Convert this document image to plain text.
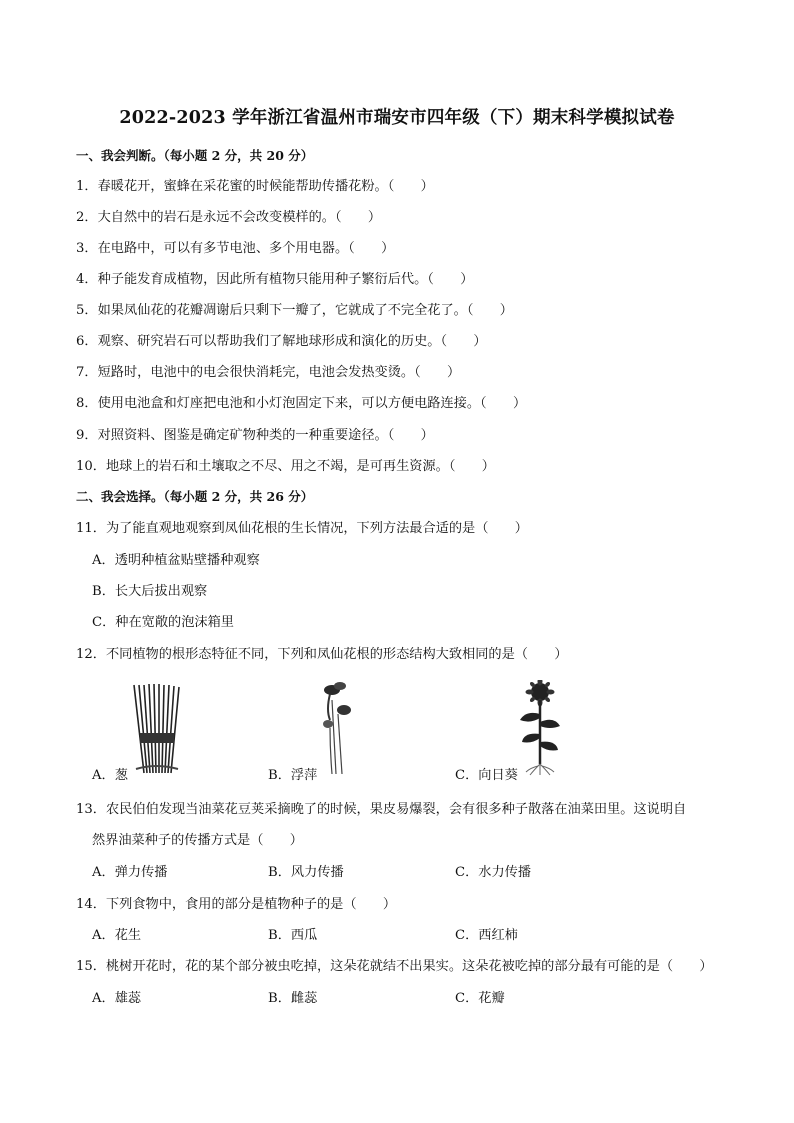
2022-2023 学年浙江省温州市瑞安市四年级（下）期末科学模拟试卷
一、我会判断。（每小题 2 分，共 20 分）
1．春暖花开，蜜蜂在采花蜜的时候能帮助传播花粉。（　　）
2．大自然中的岩石是永远不会改变模样的。（　　）
3．在电路中，可以有多节电池、多个用电器。（　　）
4．种子能发育成植物，因此所有植物只能用种子繁衍后代。（　　）
5．如果凤仙花的花瓣凋谢后只剩下一瓣了，它就成了不完全花了。（　　）
6．观察、研究岩石可以帮助我们了解地球形成和演化的历史。（　　）
7．短路时，电池中的电会很快消耗完，电池会发热变烫。（　　）
8．使用电池盒和灯座把电池和小灯泡固定下来，可以方便电路连接。（　　）
9．对照资料、图鉴是确定矿物种类的一种重要途径。（　　）
10．地球上的岩石和土壤取之不尽、用之不竭，是可再生资源。（　　）
二、我会选择。（每小题 2 分，共 26 分）
11．为了能直观地观察到凤仙花根的生长情况，下列方法最合适的是（　　）
A．透明种植盆贴壁播种观察
B．长大后拔出观察
C．种在宽敞的泡沫箱里
12．不同植物的根形态特征不同，下列和凤仙花根的形态结构大致相同的是（　　）
A．葱	B．浮萍	C．向日葵
13．农民伯伯发现当油菜花豆荚采摘晚了的时候，果皮易爆裂，会有很多种子散落在油菜田里。这说明自
然界油菜种子的传播方式是（　　）
A．弹力传播	B．风力传播	C．水力传播
14．下列食物中，食用的部分是植物种子的是（　　）
A．花生	B．西瓜	C．西红柿
15．桃树开花时，花的某个部分被虫吃掉，这朵花就结不出果实。这朵花被吃掉的部分最有可能的是（　　）
A．雄蕊	B．雌蕊	C．花瓣
